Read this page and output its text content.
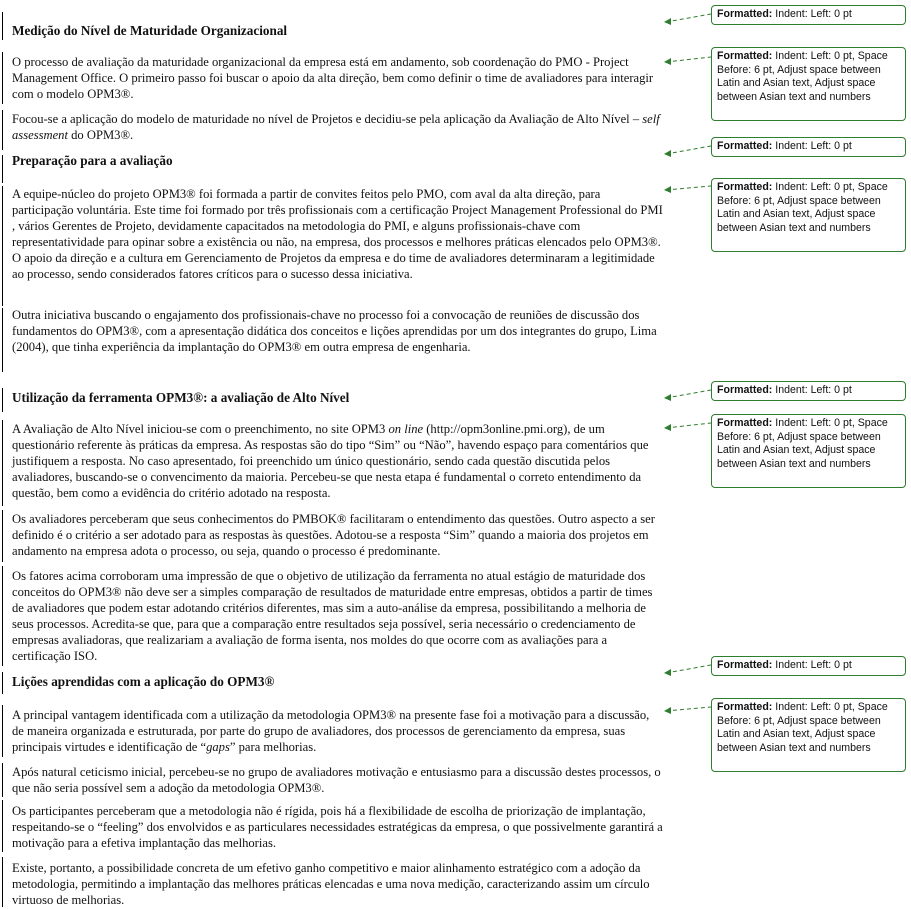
Medição do Nível de Maturidade Organizacional

O processo de avaliação da maturidade organizacional da empresa está em andamento, sob coordenação do PMO - Project Management Office. O primeiro passo foi buscar o apoio da alta direção, bem como definir o time de avaliadores para interagir com o modelo OPM3®.

Focou-se a aplicação do modelo de maturidade no nível de Projetos e decidiu-se pela aplicação da Avaliação de Alto Nível – self assessment do OPM3®.

Preparação para a avaliação

A equipe-núcleo do projeto OPM3® foi formada a partir de convites feitos pelo PMO, com aval da alta direção, para participação voluntária. Este time foi formado por três profissionais com a certificação Project Management Professional do PMI , vários Gerentes de Projeto, devidamente capacitados na metodologia do PMI, e alguns profissionais-chave com representatividade para opinar sobre a existência ou não, na empresa, dos processos e melhores práticas elencados pelo OPM3®. O apoio da direção e a cultura em Gerenciamento de Projetos da empresa e do time de avaliadores determinaram a legitimidade ao processo, sendo considerados fatores críticos para o sucesso dessa iniciativa.

Outra iniciativa buscando o engajamento dos profissionais-chave no processo foi a convocação de reuniões de discussão dos fundamentos do OPM3®, com a apresentação didática dos conceitos e lições aprendidas por um dos integrantes do grupo, Lima (2004), que tinha experiência da implantação do OPM3® em outra empresa de engenharia.

Utilização da ferramenta OPM3®: a avaliação de Alto Nível

A Avaliação de Alto Nível iniciou-se com o preenchimento, no site OPM3 on line (http://opm3online.pmi.org), de um questionário referente às práticas da empresa. As respostas são do tipo “Sim” ou “Não”, havendo espaço para comentários que justifiquem a resposta. No caso apresentado, foi preenchido um único questionário, sendo cada questão discutida pelos avaliadores, buscando-se o convencimento da maioria. Percebeu-se que nesta etapa é fundamental o correto entendimento da questão, bem como a evidência do critério adotado na resposta.

Os avaliadores perceberam que seus conhecimentos do PMBOK® facilitaram o entendimento das questões. Outro aspecto a ser definido é o critério a ser adotado para as respostas às questões. Adotou-se a resposta “Sim” quando a maioria dos projetos em andamento na empresa adota o processo, ou seja, quando o processo é predominante.

Os fatores acima corroboram uma impressão de que o objetivo de utilização da ferramenta no atual estágio de maturidade dos conceitos do OPM3® não deve ser a simples comparação de resultados de maturidade entre empresas, obtidos a partir de times de avaliadores que podem estar adotando critérios diferentes, mas sim a auto-análise da empresa, possibilitando a melhoria de seus processos. Acredita-se que, para que a comparação entre resultados seja possível, seria necessário o credenciamento de empresas avaliadoras, que realizariam a avaliação de forma isenta, nos moldes do que ocorre com as avaliações para a certificação ISO.

Lições aprendidas com a aplicação do OPM3®

A principal vantagem identificada com a utilização da metodologia OPM3® na presente fase foi a motivação para a discussão, de maneira organizada e estruturada, por parte do grupo de avaliadores, dos processos de gerenciamento da empresa, suas principais virtudes e identificação de “gaps” para melhorias.

Após natural ceticismo inicial, percebeu-se no grupo de avaliadores motivação e entusiasmo para a discussão destes processos, o que não seria possível sem a adoção da metodologia OPM3®.

Os participantes perceberam que a metodologia não é rígida, pois há a flexibilidade de escolha de priorização de implantação, respeitando-se o “feeling” dos envolvidos e as particulares necessidades estratégicas da empresa, o que possivelmente garantirá a motivação para a efetiva implantação das melhorias.

Existe, portanto, a possibilidade concreta de um efetivo ganho competitivo e maior alinhamento estratégico com a adoção da metodologia, permitindo a implantação das melhores práticas elencadas e uma nova medição, caracterizando assim um círculo virtuoso de melhorias.

Formatted: Indent: Left: 0 pt
Formatted: Indent: Left: 0 pt, Space Before: 6 pt, Adjust space between Latin and Asian text, Adjust space between Asian text and numbers
Formatted: Indent: Left: 0 pt
Formatted: Indent: Left: 0 pt, Space Before: 6 pt, Adjust space between Latin and Asian text, Adjust space between Asian text and numbers
Formatted: Indent: Left: 0 pt
Formatted: Indent: Left: 0 pt, Space Before: 6 pt, Adjust space between Latin and Asian text, Adjust space between Asian text and numbers
Formatted: Indent: Left: 0 pt
Formatted: Indent: Left: 0 pt, Space Before: 6 pt, Adjust space between Latin and Asian text, Adjust space between Asian text and numbers
